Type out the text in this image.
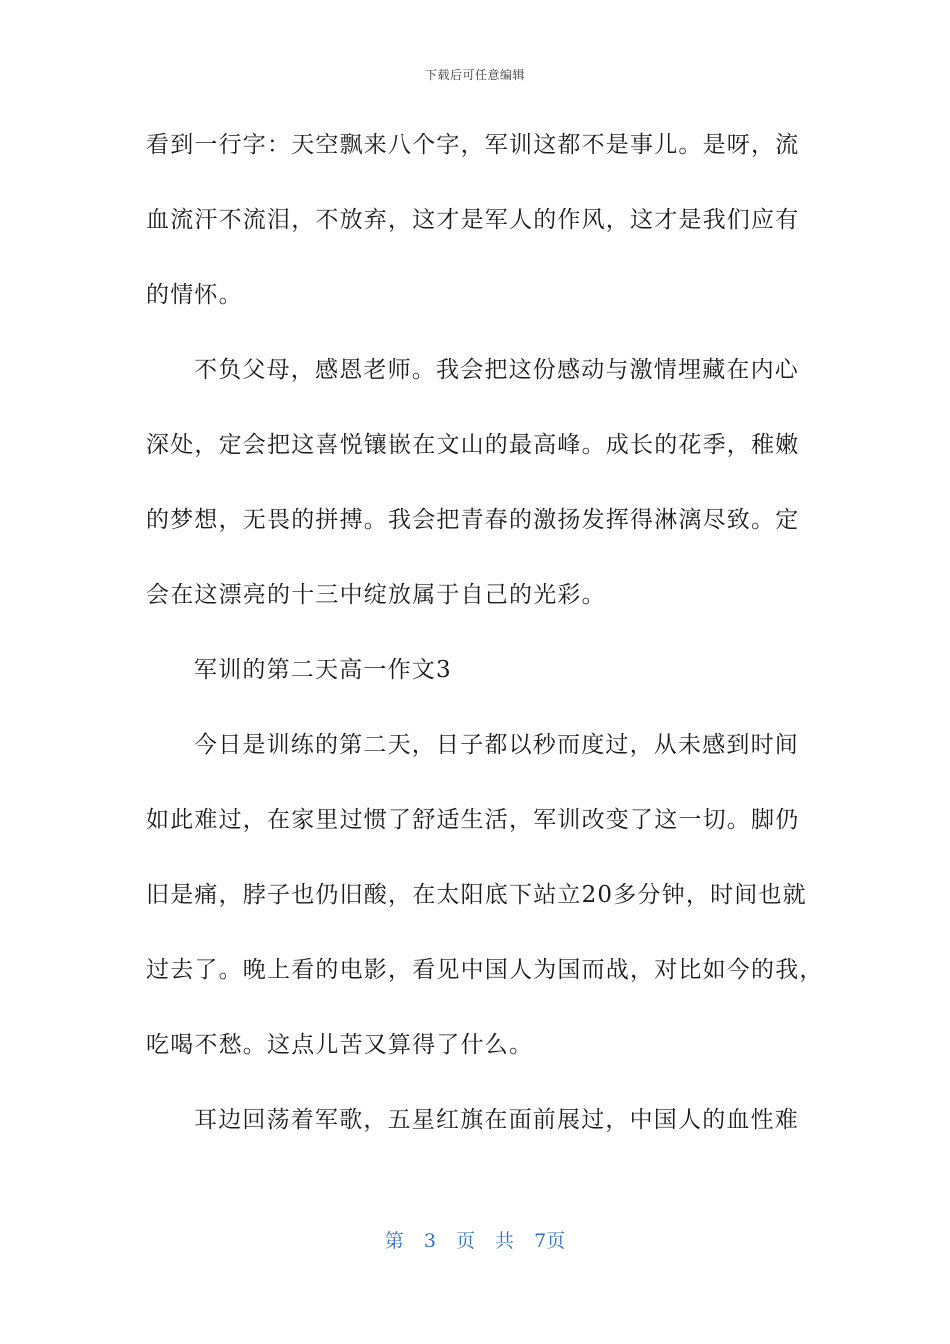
下载后可任意编辑
看到一行字：天空飘来八个字，军训这都不是事儿。是呀，流
血流汗不流泪，不放弃，这才是军人的作风，这才是我们应有
的情怀。
不负父母，感恩老师。我会把这份感动与激情埋藏在内心
深处，定会把这喜悦镶嵌在文山的最高峰。成长的花季，稚嫩
的梦想，无畏的拼搏。我会把青春的激扬发挥得淋漓尽致。定
会在这漂亮的十三中绽放属于自己的光彩。
军训的第二天高一作文3
今日是训练的第二天，日子都以秒而度过，从未感到时间
如此难过，在家里过惯了舒适生活，军训改变了这一切。脚仍
旧是痛，脖子也仍旧酸，在太阳底下站立20多分钟，时间也就
过去了。晚上看的电影，看见中国人为国而战，对比如今的我，
吃喝不愁。这点儿苦又算得了什么。
耳边回荡着军歌，五星红旗在面前展过，中国人的血性难
第 3 页 共 7页
